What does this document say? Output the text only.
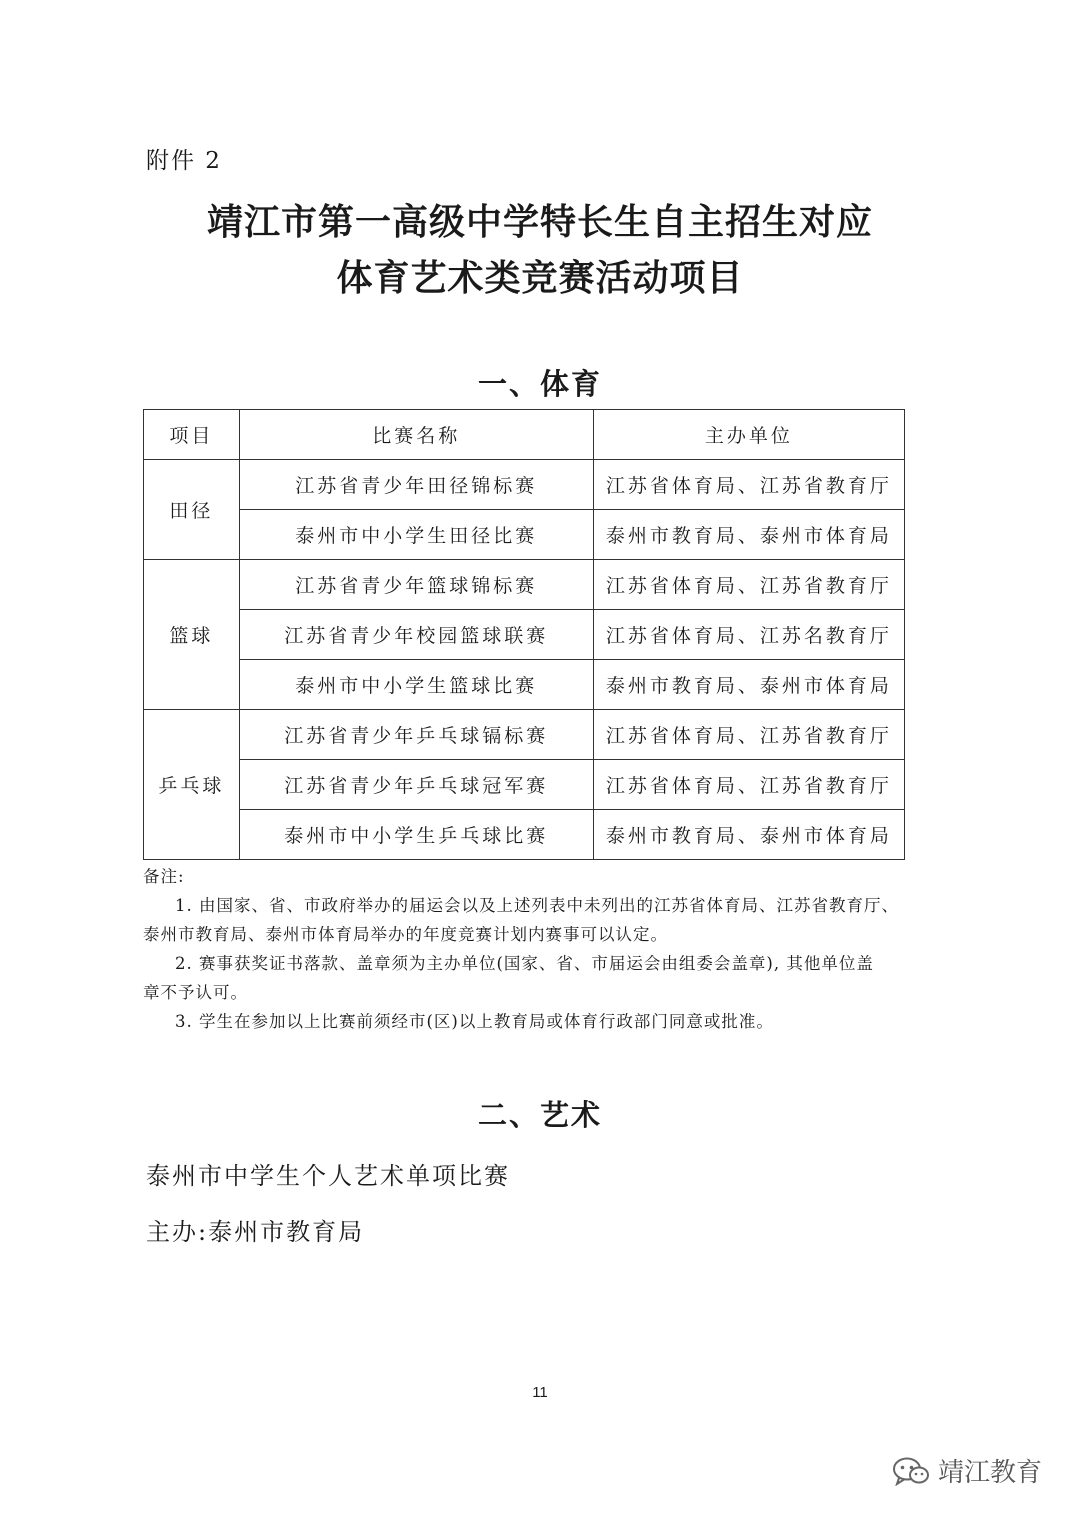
附件 2
靖江市第一高级中学特长生自主招生对应
体育艺术类竞赛活动项目
一、体育
项目	比赛名称	主办单位
田径	江苏省青少年田径锦标赛	江苏省体育局、江苏省教育厅
	泰州市中小学生田径比赛	泰州市教育局、泰州市体育局
篮球	江苏省青少年篮球锦标赛	江苏省体育局、江苏省教育厅
	江苏省青少年校园篮球联赛	江苏省体育局、江苏名教育厅
	泰州市中小学生篮球比赛	泰州市教育局、泰州市体育局
乒乓球	江苏省青少年乒乓球镉标赛	江苏省体育局、江苏省教育厅
	江苏省青少年乒乓球冠军赛	江苏省体育局、江苏省教育厅
	泰州市中小学生乒乓球比赛	泰州市教育局、泰州市体育局
备注:
1. 由国家、省、市政府举办的届运会以及上述列表中未列出的江苏省体育局、江苏省教育厅、
泰州市教育局、泰州市体育局举办的年度竞赛计划内赛事可以认定。
2. 赛事获奖证书落款、盖章须为主办单位(国家、省、市届运会由组委会盖章), 其他单位盖
章不予认可。
3. 学生在参加以上比赛前须经市(区)以上教育局或体育行政部门同意或批准。
二、艺术
泰州市中学生个人艺术单项比赛
主办:泰州市教育局
11
靖江教育
